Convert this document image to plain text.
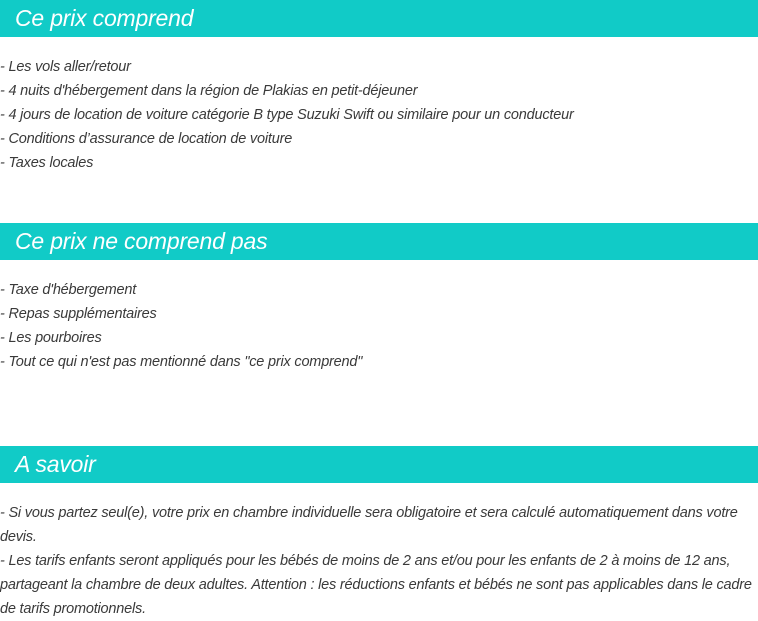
Ce prix comprend
- Les vols aller/retour
- 4 nuits d'hébergement dans la région de Plakias en petit-déjeuner
- 4 jours de location de voiture catégorie B type Suzuki Swift ou similaire pour un conducteur
- Conditions d’assurance de location de voiture
- Taxes locales
Ce prix ne comprend pas
- Taxe d'hébergement
- Repas supplémentaires
- Les pourboires
- Tout ce qui n'est pas mentionné dans "ce prix comprend"
A savoir
- Si vous partez seul(e), votre prix en chambre individuelle sera obligatoire et sera calculé automatiquement dans votre devis.
- Les tarifs enfants seront appliqués pour les bébés de moins de 2 ans et/ou pour les enfants de 2 à moins de 12 ans, partageant la chambre de deux adultes. Attention : les réductions enfants et bébés ne sont pas applicables dans le cadre de tarifs promotionnels.
